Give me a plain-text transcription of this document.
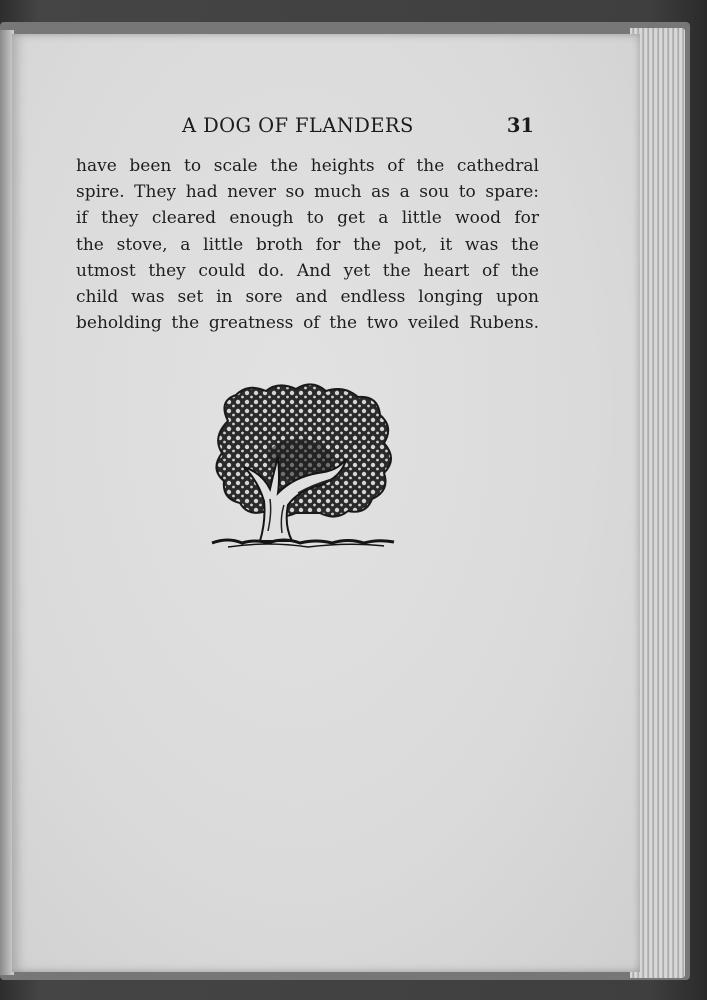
A DOG OF FLANDERS	31
have been to scale the heights of the cathedral
spire. They had never so much as a sou to spare:
if they cleared enough to get a little wood for
the stove, a little broth for the pot, it was the
utmost they could do. And yet the heart of the
child was set in sore and endless longing upon
beholding the greatness of the two veiled Rubens.
